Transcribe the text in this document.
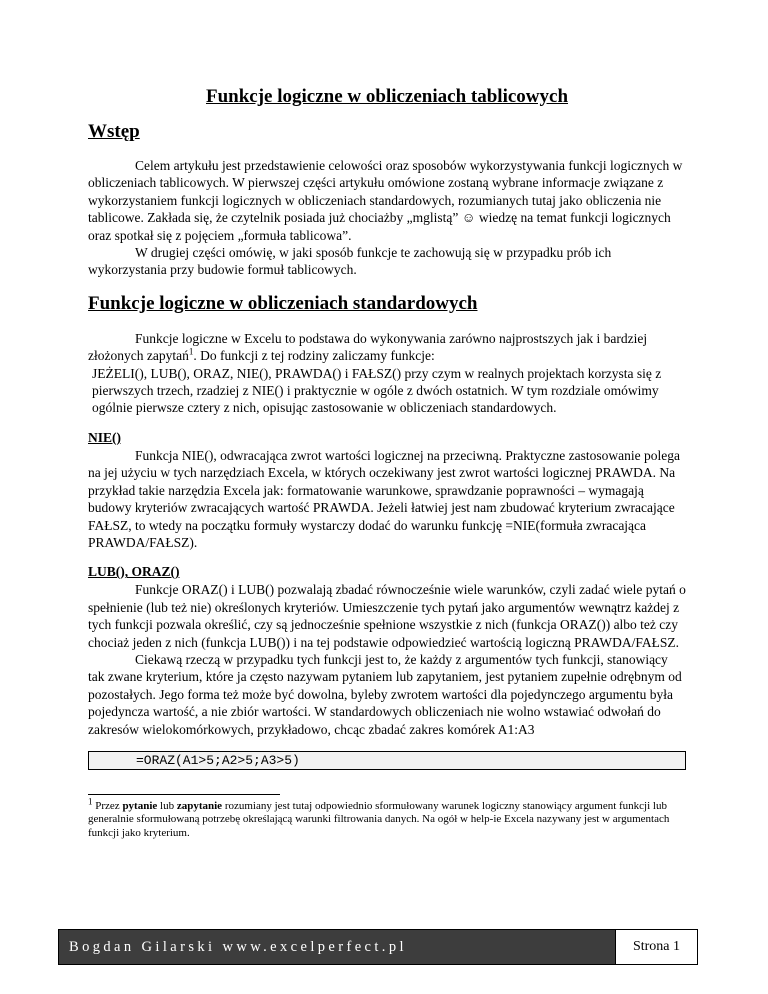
Funkcje logiczne w obliczeniach tablicowych
Wstęp

Celem artykułu jest przedstawienie celowości oraz sposobów wykorzystywania funkcji logicznych w obliczeniach tablicowych. W pierwszej części artykułu omówione zostaną wybrane informacje związane z wykorzystaniem funkcji logicznych w obliczeniach standardowych, rozumianych tutaj jako obliczenia nie tablicowe. Zakłada się, że czytelnik posiada już chociażby „mglistą” ☺ wiedzę na temat funkcji logicznych oraz spotkał się z pojęciem „formuła tablicowa”.

W drugiej części omówię, w jaki sposób funkcje te zachowują się w przypadku prób ich wykorzystania przy budowie formuł tablicowych.

Funkcje logiczne w obliczeniach standardowych

Funkcje logiczne w Excelu to podstawa do wykonywania zarówno najprostszych jak i bardziej złożonych zapytań$^1$. Do funkcji z tej rodziny zaliczamy funkcje:

JEŻELI(), LUB(), ORAZ, NIE(), PRAWDA() i FAŁSZ() przy czym w realnych projektach korzysta się z pierwszych trzech, rzadziej z NIE() i praktycznie w ogóle z dwóch ostatnich. W tym rozdziale omówimy ogólnie pierwsze cztery z nich, opisując zastosowanie w obliczeniach standardowych.

NIE()

Funkcja NIE(), odwracająca zwrot wartości logicznej na przeciwną. Praktyczne zastosowanie polega na jej użyciu w tych narzędziach Excela, w których oczekiwany jest zwrot wartości logicznej PRAWDA. Na przykład takie narzędzia Excela jak: formatowanie warunkowe, sprawdzanie poprawności – wymagają budowy kryteriów zwracających wartość PRAWDA. Jeżeli łatwiej jest nam zbudować kryterium zwracające FAŁSZ, to wtedy na początku formuły wystarczy dodać do warunku funkcję =NIE(formuła zwracająca PRAWDA/FAŁSZ).

LUB(), ORAZ()

Funkcje ORAZ() i LUB() pozwalają zbadać równocześnie wiele warunków, czyli zadać wiele pytań o spełnienie (lub też nie) określonych kryteriów. Umieszczenie tych pytań jako argumentów wewnątrz każdej z tych funkcji pozwala określić, czy są jednocześnie spełnione wszystkie z nich (funkcja ORAZ()) albo też czy chociaż jeden z nich (funkcja LUB()) i na tej podstawie odpowiedzieć wartością logiczną PRAWDA/FAŁSZ.

Ciekawą rzeczą w przypadku tych funkcji jest to, że każdy z argumentów tych funkcji, stanowiący tak zwane kryterium, które ja często nazywam pytaniem lub zapytaniem, jest pytaniem zupełnie odrębnym od pozostałych. Jego forma też może być dowolna, byleby zwrotem wartości dla pojedynczego argumentu była pojedyncza wartość, a nie zbiór wartości. W standardowych obliczeniach nie wolno wstawiać odwołań do zakresów wielokomórkowych, przykładowo, chcąc zbadać zakres komórek A1:A3

=ORAZ(A1>5;A2>5;A3>5)

$^1$ Przez pytanie lub zapytanie rozumiany jest tutaj odpowiednio sformułowany warunek logiczny stanowiący argument funkcji lub generalnie sformułowaną potrzebę określającą warunki filtrowania danych. Na ogół w help-ie Excela nazywany jest w argumentach funkcji jako kryterium.

Bogdan Gilarski www.excelperfect.pl	Strona 1
